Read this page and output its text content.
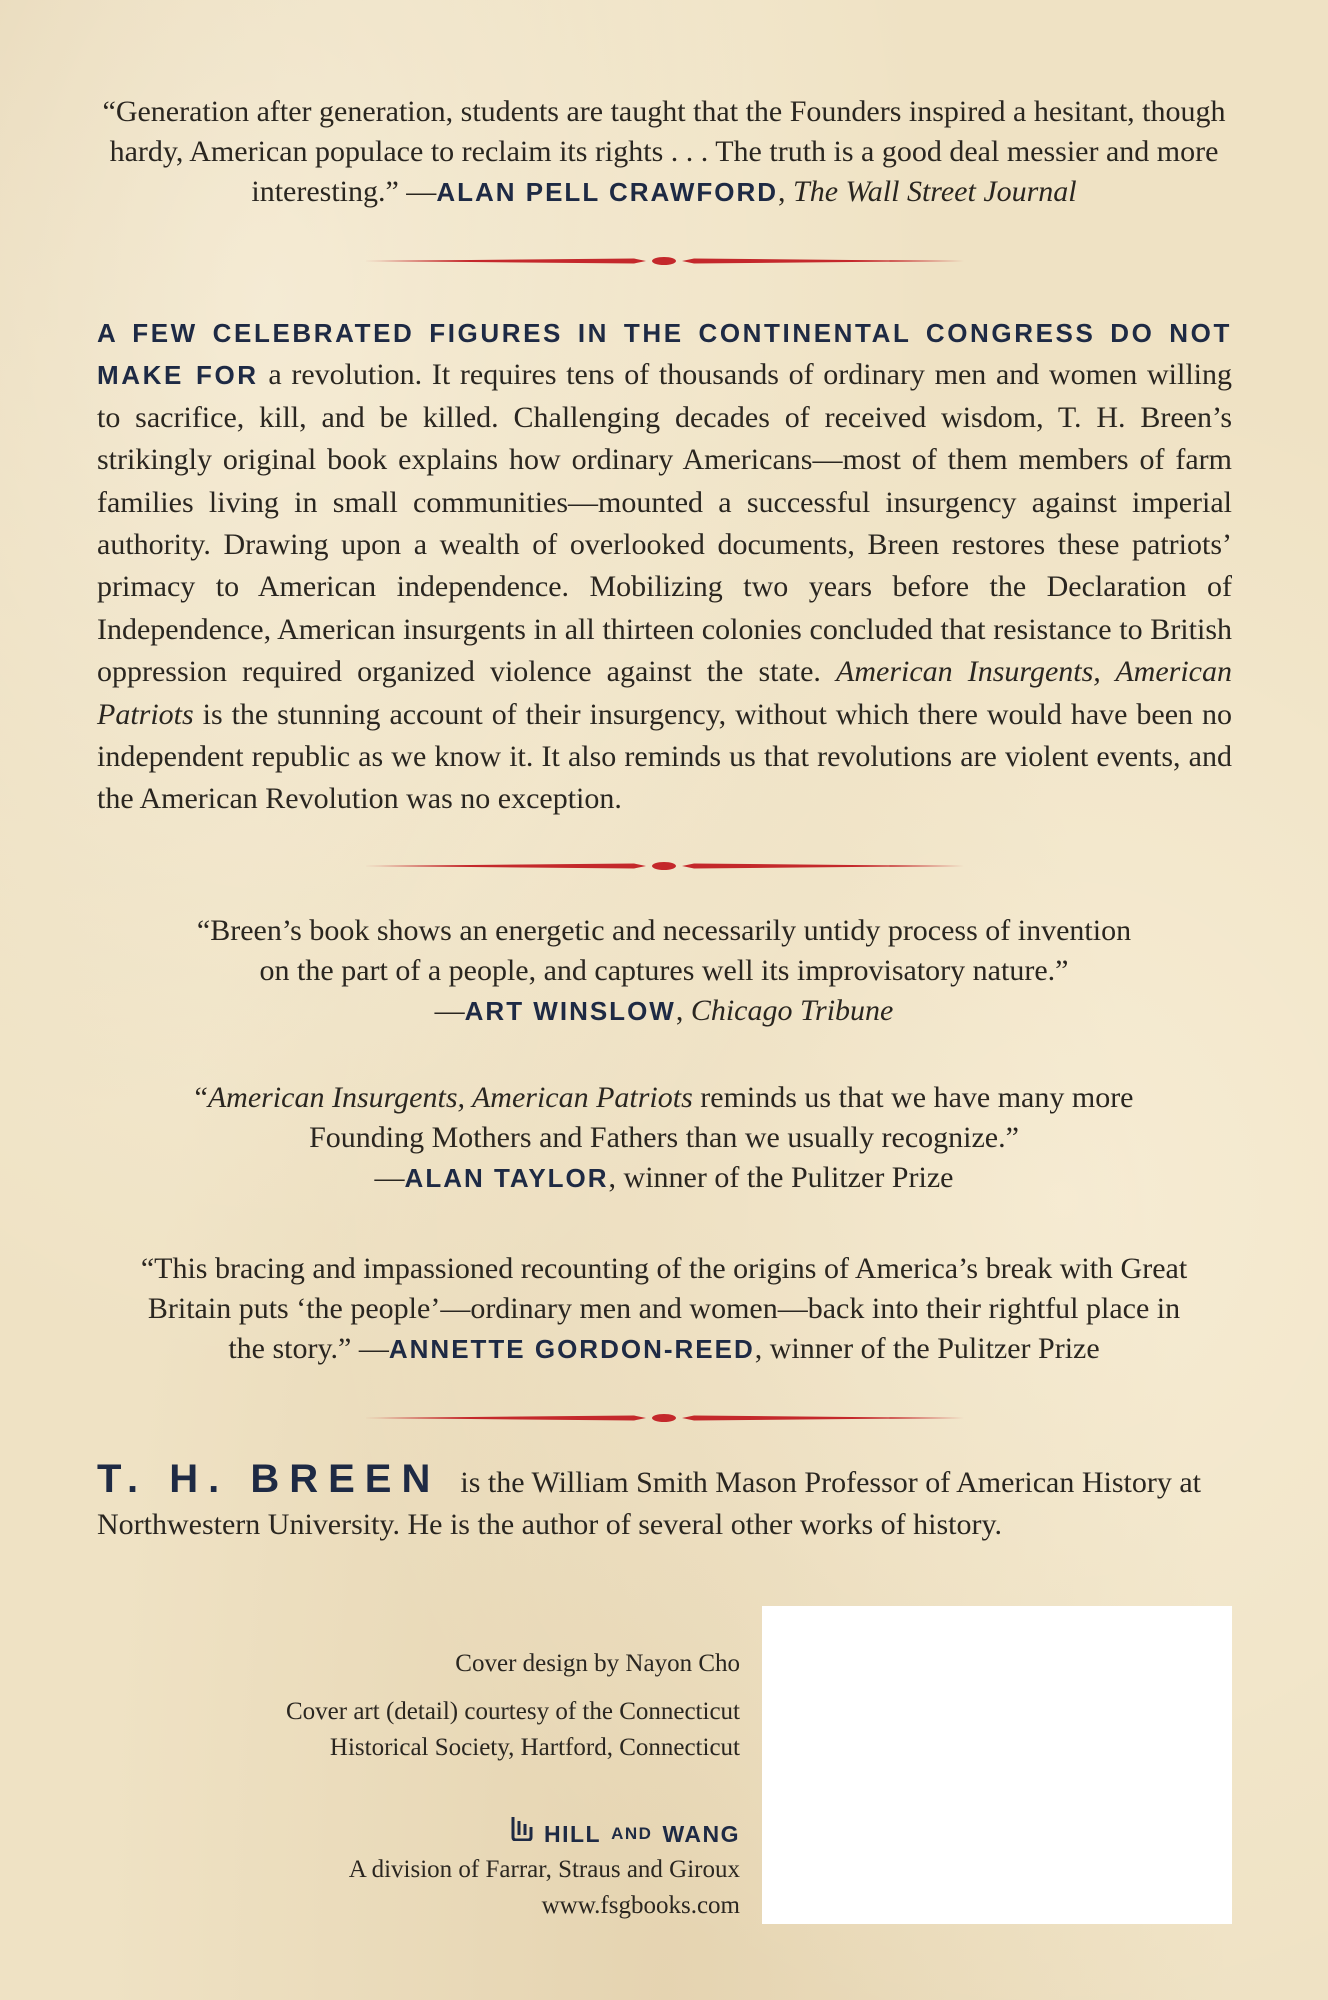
“Generation after generation, students are taught that the Founders inspired a hesitant, though hardy, American populace to reclaim its rights . . . The truth is a good deal messier and more interesting.” —ALAN PELL CRAWFORD, The Wall Street Journal

A FEW CELEBRATED FIGURES IN THE CONTINENTAL CONGRESS DO NOT MAKE FOR a revolution. It requires tens of thousands of ordinary men and women willing to sacrifice, kill, and be killed. Challenging decades of received wisdom, T. H. Breen’s strikingly original book explains how ordinary Americans—most of them members of farm families living in small communities—mounted a successful insurgency against imperial authority. Drawing upon a wealth of overlooked documents, Breen restores these patriots’ primacy to American independence. Mobilizing two years before the Declaration of Independence, American insurgents in all thirteen colonies concluded that resistance to British oppression required organized violence against the state. American Insurgents, American Patriots is the stunning account of their insurgency, without which there would have been no independent republic as we know it. It also reminds us that revolutions are violent events, and the American Revolution was no exception.

“Breen’s book shows an energetic and necessarily untidy process of invention on the part of a people, and captures well its improvisatory nature.”
—ART WINSLOW, Chicago Tribune
“American Insurgents, American Patriots reminds us that we have many more Founding Mothers and Fathers than we usually recognize.”
—ALAN TAYLOR, winner of the Pulitzer Prize
“This bracing and impassioned recounting of the origins of America’s break with Great Britain puts ‘the people’—ordinary men and women—back into their rightful place in the story.” —ANNETTE GORDON-REED, winner of the Pulitzer Prize

T. H. BREEN is the William Smith Mason Professor of American History at Northwestern University. He is the author of several other works of history.

Cover design by Nayon Cho
Cover art (detail) courtesy of the Connecticut
Historical Society, Hartford, Connecticut
HILL AND WANG
A division of Farrar, Straus and Giroux
www.fsgbooks.com
